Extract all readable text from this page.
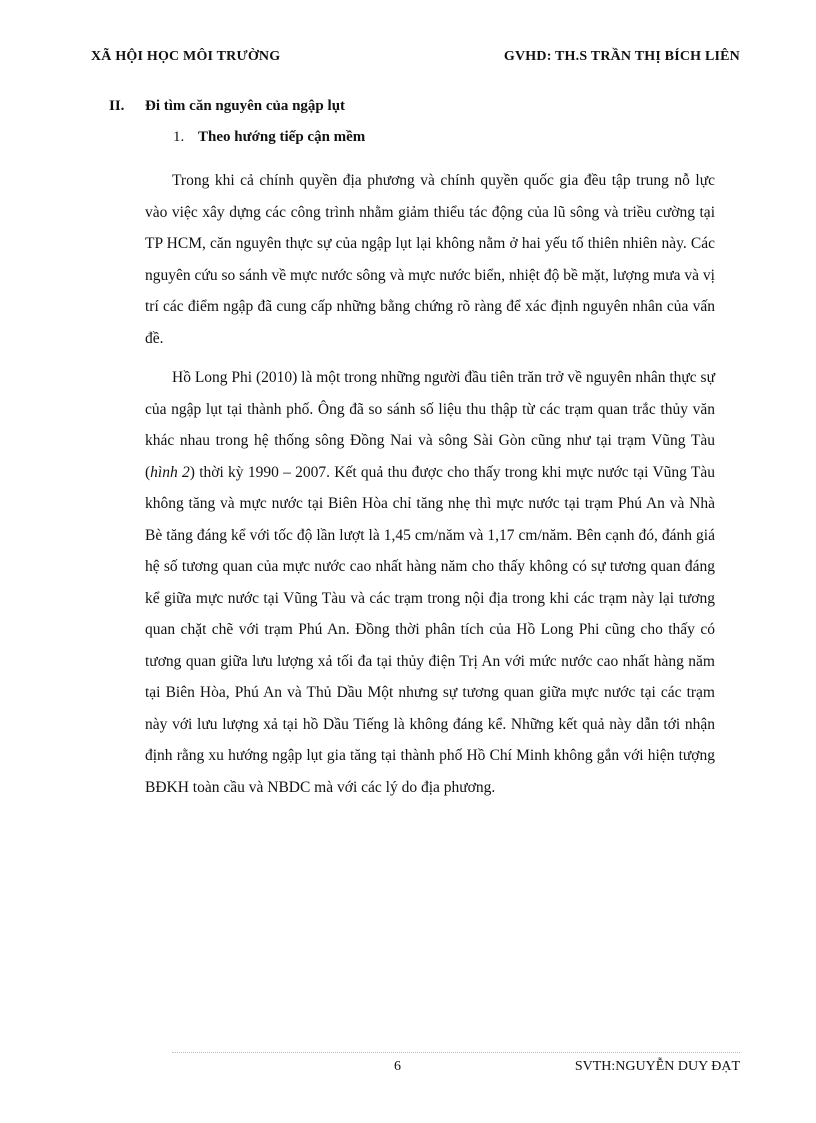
XÃ HỘI HỌC MÔI TRƯỜNG	GVHD: TH.S TRẦN THỊ BÍCH LIÊN
II. Đi tìm căn nguyên của ngập lụt
1. Theo hướng tiếp cận mềm

Trong khi cả chính quyền địa phương và chính quyền quốc gia đều tập trung nỗ lực vào việc xây dựng các công trình nhằm giảm thiểu tác động của lũ sông và triều cường tại TP HCM, căn nguyên thực sự của ngập lụt lại không nằm ở hai yếu tố thiên nhiên này. Các nguyên cứu so sánh về mực nước sông và mực nước biển, nhiệt độ bề mặt, lượng mưa và vị trí các điểm ngập đã cung cấp những bằng chứng rõ ràng để xác định nguyên nhân của vấn đề.

Hồ Long Phi (2010) là một trong những người đầu tiên trăn trở về nguyên nhân thực sự của ngập lụt tại thành phố. Ông đã so sánh số liệu thu thập từ các trạm quan trắc thủy văn khác nhau trong hệ thống sông Đồng Nai và sông Sài Gòn cũng như tại trạm Vũng Tàu (hình 2) thời kỳ 1990 – 2007. Kết quả thu được cho thấy trong khi mực nước tại Vũng Tàu không tăng và mực nước tại Biên Hòa chỉ tăng nhẹ thì mực nước tại trạm Phú An và Nhà Bè tăng đáng kể với tốc độ lần lượt là 1,45 cm/năm và 1,17 cm/năm. Bên cạnh đó, đánh giá hệ số tương quan của mực nước cao nhất hàng năm cho thấy không có sự tương quan đáng kể giữa mực nước tại Vũng Tàu và các trạm trong nội địa trong khi các trạm này lại tương quan chặt chẽ với trạm Phú An. Đồng thời phân tích của Hồ Long Phi cũng cho thấy có tương quan giữa lưu lượng xả tối đa tại thủy điện Trị An với mức nước cao nhất hàng năm tại Biên Hòa, Phú An và Thủ Dầu Một nhưng sự tương quan giữa mực nước tại các trạm này với lưu lượng xả tại hồ Dầu Tiếng là không đáng kể. Những kết quả này dẫn tới nhận định rằng xu hướng ngập lụt gia tăng tại thành phố Hồ Chí Minh không gắn với hiện tượng BĐKH toàn cầu và NBDC mà với các lý do địa phương.

6	SVTH:NGUYỄN DUY ĐẠT
